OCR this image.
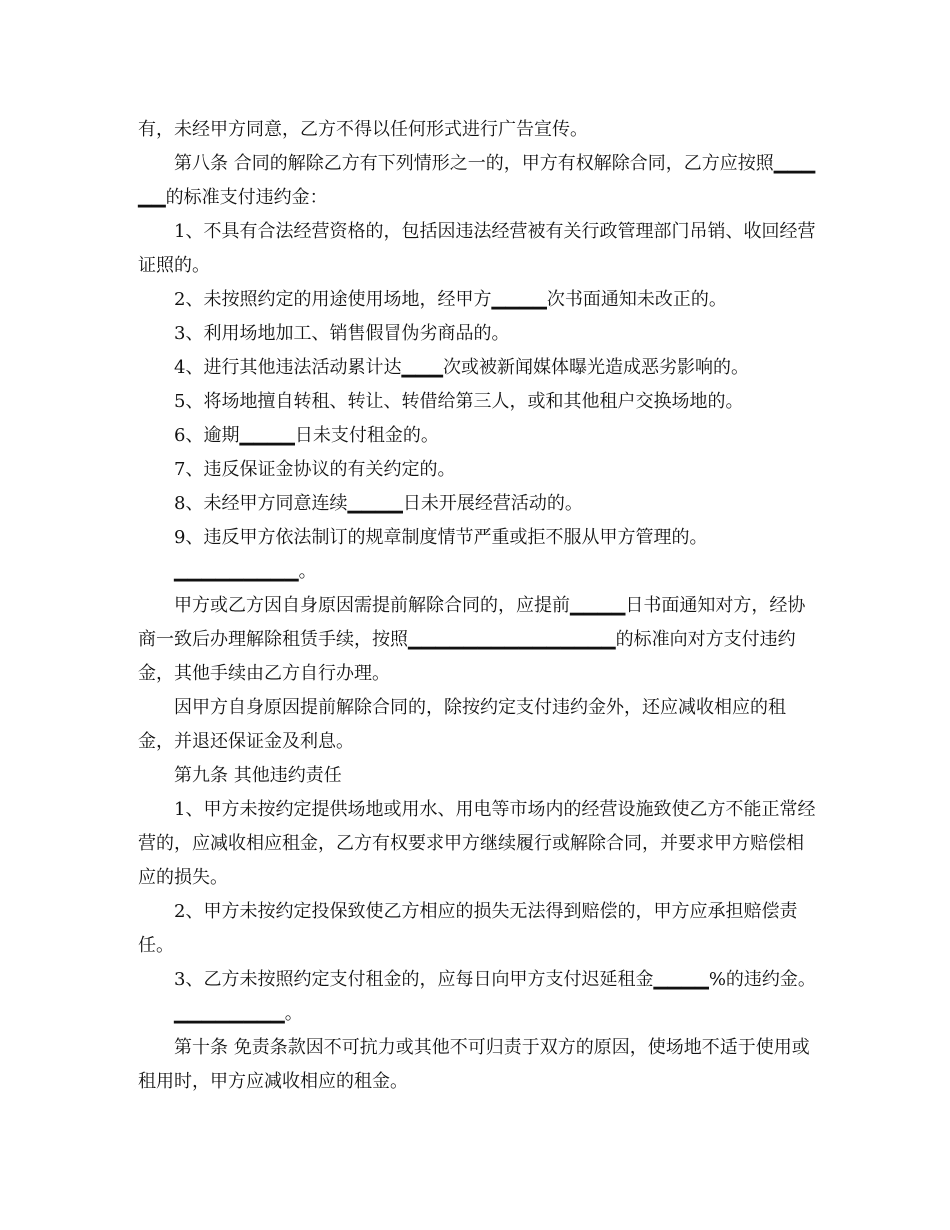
有，未经甲方同意，乙方不得以任何形式进行广告宣传。

第八条 合同的解除乙方有下列情形之一的，甲方有权解除合同，乙方应按照▁▁▁▁▁的标准支付违约金：

1、不具有合法经营资格的，包括因违法经营被有关行政管理部门吊销、收回经营证照的。

2、未按照约定的用途使用场地，经甲方▁▁▁▁次书面通知未改正的。

3、利用场地加工、销售假冒伪劣商品的。

4、进行其他违法活动累计达▁▁▁次或被新闻媒体曝光造成恶劣影响的。

5、将场地擅自转租、转让、转借给第三人，或和其他租户交换场地的。

6、逾期▁▁▁▁日未支付租金的。

7、违反保证金协议的有关约定的。

8、未经甲方同意连续▁▁▁▁日未开展经营活动的。

9、违反甲方依法制订的规章制度情节严重或拒不服从甲方管理的。

▁▁▁▁▁▁▁▁▁。

甲方或乙方因自身原因需提前解除合同的，应提前▁▁▁▁日书面通知对方，经协商一致后办理解除租赁手续，按照▁▁▁▁▁▁▁▁▁▁▁▁▁▁▁的标准向对方支付违约金，其他手续由乙方自行办理。

因甲方自身原因提前解除合同的，除按约定支付违约金外，还应减收相应的租金，并退还保证金及利息。

第九条 其他违约责任

1、甲方未按约定提供场地或用水、用电等市场内的经营设施致使乙方不能正常经营的，应减收相应租金，乙方有权要求甲方继续履行或解除合同，并要求甲方赔偿相应的损失。

2、甲方未按约定投保致使乙方相应的损失无法得到赔偿的，甲方应承担赔偿责任。

3、乙方未按照约定支付租金的，应每日向甲方支付迟延租金▁▁▁▁%的违约金。

▁▁▁▁▁▁▁▁。

第十条 免责条款因不可抗力或其他不可归责于双方的原因，使场地不适于使用或租用时，甲方应减收相应的租金。
